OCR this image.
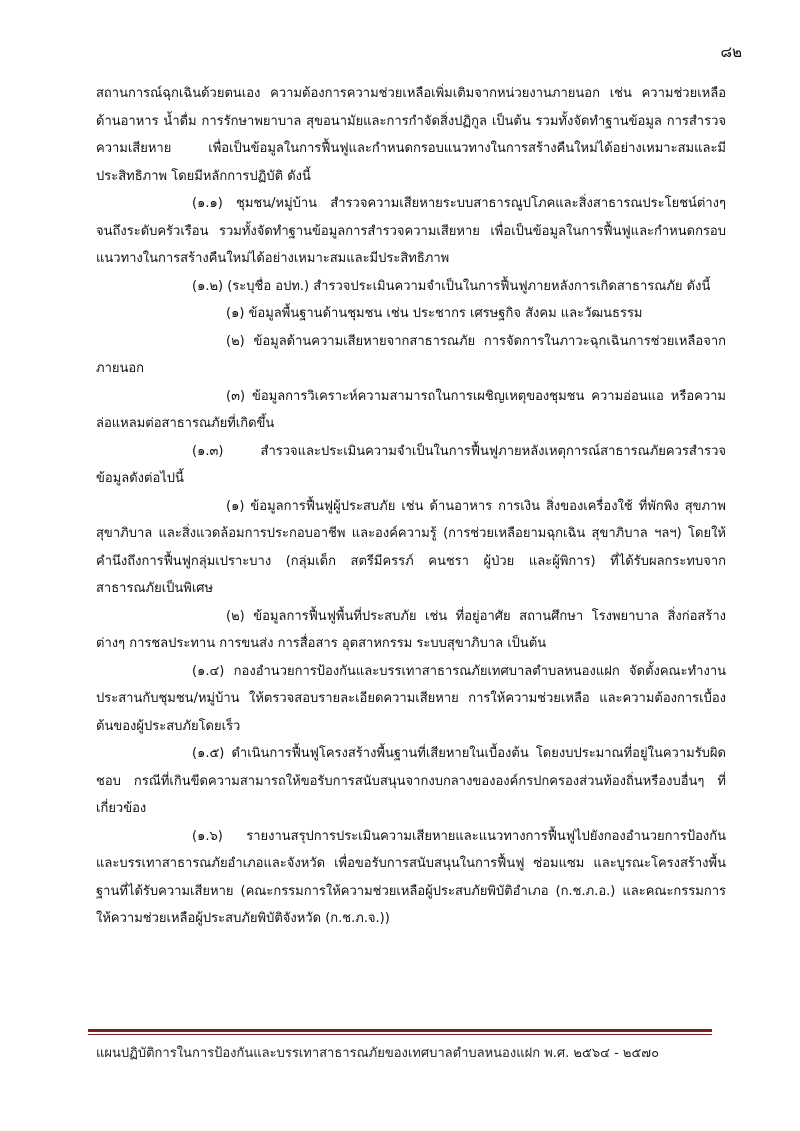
๘๒

สถานการณ์ฉุกเฉินด้วยตนเอง ความต้องการความช่วยเหลือเพิ่มเติมจากหน่วยงานภายนอก เช่น ความช่วยเหลือด้านอาหาร น้ำดื่ม การรักษาพยาบาล สุขอนามัยและการกำจัดสิ่งปฏิกูล เป็นต้น รวมทั้งจัดทำฐานข้อมูล การสำรวจความเสียหาย เพื่อเป็นข้อมูลในการฟื้นฟูและกำหนดกรอบแนวทางในการสร้างคืนใหม่ได้อย่างเหมาะสมและมีประสิทธิภาพ โดยมีหลักการปฏิบัติ ดังนี้

(๑.๑) ชุมชน/หมู่บ้าน สำรวจความเสียหายระบบสาธารณูปโภคและสิ่งสาธารณประโยชน์ต่างๆ จนถึงระดับครัวเรือน รวมทั้งจัดทำฐานข้อมูลการสำรวจความเสียหาย เพื่อเป็นข้อมูลในการฟื้นฟูและกำหนดกรอบแนวทางในการสร้างคืนใหม่ได้อย่างเหมาะสมและมีประสิทธิภาพ

(๑.๒) (ระบุชื่อ อปท.) สำรวจประเมินความจำเป็นในการฟื้นฟูภายหลังการเกิดสาธารณภัย ดังนี้

(๑) ข้อมูลพื้นฐานด้านชุมชน เช่น ประชากร เศรษฐกิจ สังคม และวัฒนธรรม

(๒) ข้อมูลด้านความเสียหายจากสาธารณภัย การจัดการในภาวะฉุกเฉินการช่วยเหลือจากภายนอก

(๓) ข้อมูลการวิเคราะห์ความสามารถในการเผชิญเหตุของชุมชน ความอ่อนแอ หรือความล่อแหลมต่อสาธารณภัยที่เกิดขึ้น

(๑.๓) สำรวจและประเมินความจำเป็นในการฟื้นฟูภายหลังเหตุการณ์สาธารณภัยควรสำรวจข้อมูลดังต่อไปนี้

(๑) ข้อมูลการฟื้นฟูผู้ประสบภัย เช่น ด้านอาหาร การเงิน สิ่งของเครื่องใช้ ที่พักพิง สุขภาพ สุขาภิบาล และสิ่งแวดล้อมการประกอบอาชีพ และองค์ความรู้ (การช่วยเหลือยามฉุกเฉิน สุขาภิบาล ฯลฯ) โดยให้คำนึงถึงการฟื้นฟูกลุ่มเปราะบาง (กลุ่มเด็ก สตรีมีครรภ์ คนชรา ผู้ป่วย และผู้พิการ) ที่ได้รับผลกระทบจากสาธารณภัยเป็นพิเศษ

(๒) ข้อมูลการฟื้นฟูพื้นที่ประสบภัย เช่น ที่อยู่อาศัย สถานศึกษา โรงพยาบาล สิ่งก่อสร้างต่างๆ การชลประทาน การขนส่ง การสื่อสาร อุตสาหกรรม ระบบสุขาภิบาล เป็นต้น

(๑.๔) กองอำนวยการป้องกันและบรรเทาสาธารณภัยเทศบาลตำบลหนองแฝก จัดตั้งคณะทำงานประสานกับชุมชน/หมู่บ้าน ให้ตรวจสอบรายละเอียดความเสียหาย การให้ความช่วยเหลือ และความต้องการเบื้องต้นของผู้ประสบภัยโดยเร็ว

(๑.๕) ดำเนินการฟื้นฟูโครงสร้างพื้นฐานที่เสียหายในเบื้องต้น โดยงบประมาณที่อยู่ในความรับผิดชอบ กรณีที่เกินขีดความสามารถให้ขอรับการสนับสนุนจากงบกลางขององค์กรปกครองส่วนท้องถิ่นหรืองบอื่นๆ ที่เกี่ยวข้อง

(๑.๖) รายงานสรุปการประเมินความเสียหายและแนวทางการฟื้นฟูไปยังกองอำนวยการป้องกันและบรรเทาสาธารณภัยอำเภอและจังหวัด เพื่อขอรับการสนับสนุนในการฟื้นฟู ซ่อมแซม และบูรณะโครงสร้างพื้นฐานที่ได้รับความเสียหาย (คณะกรรมการให้ความช่วยเหลือผู้ประสบภัยพิบัติอำเภอ (ก.ช.ภ.อ.) และคณะกรรมการให้ความช่วยเหลือผู้ประสบภัยพิบัติจังหวัด (ก.ช.ภ.จ.))

แผนปฏิบัติการในการป้องกันและบรรเทาสาธารณภัยของเทศบาลตำบลหนองแฝก พ.ศ. ๒๕๖๔ - ๒๕๗๐
